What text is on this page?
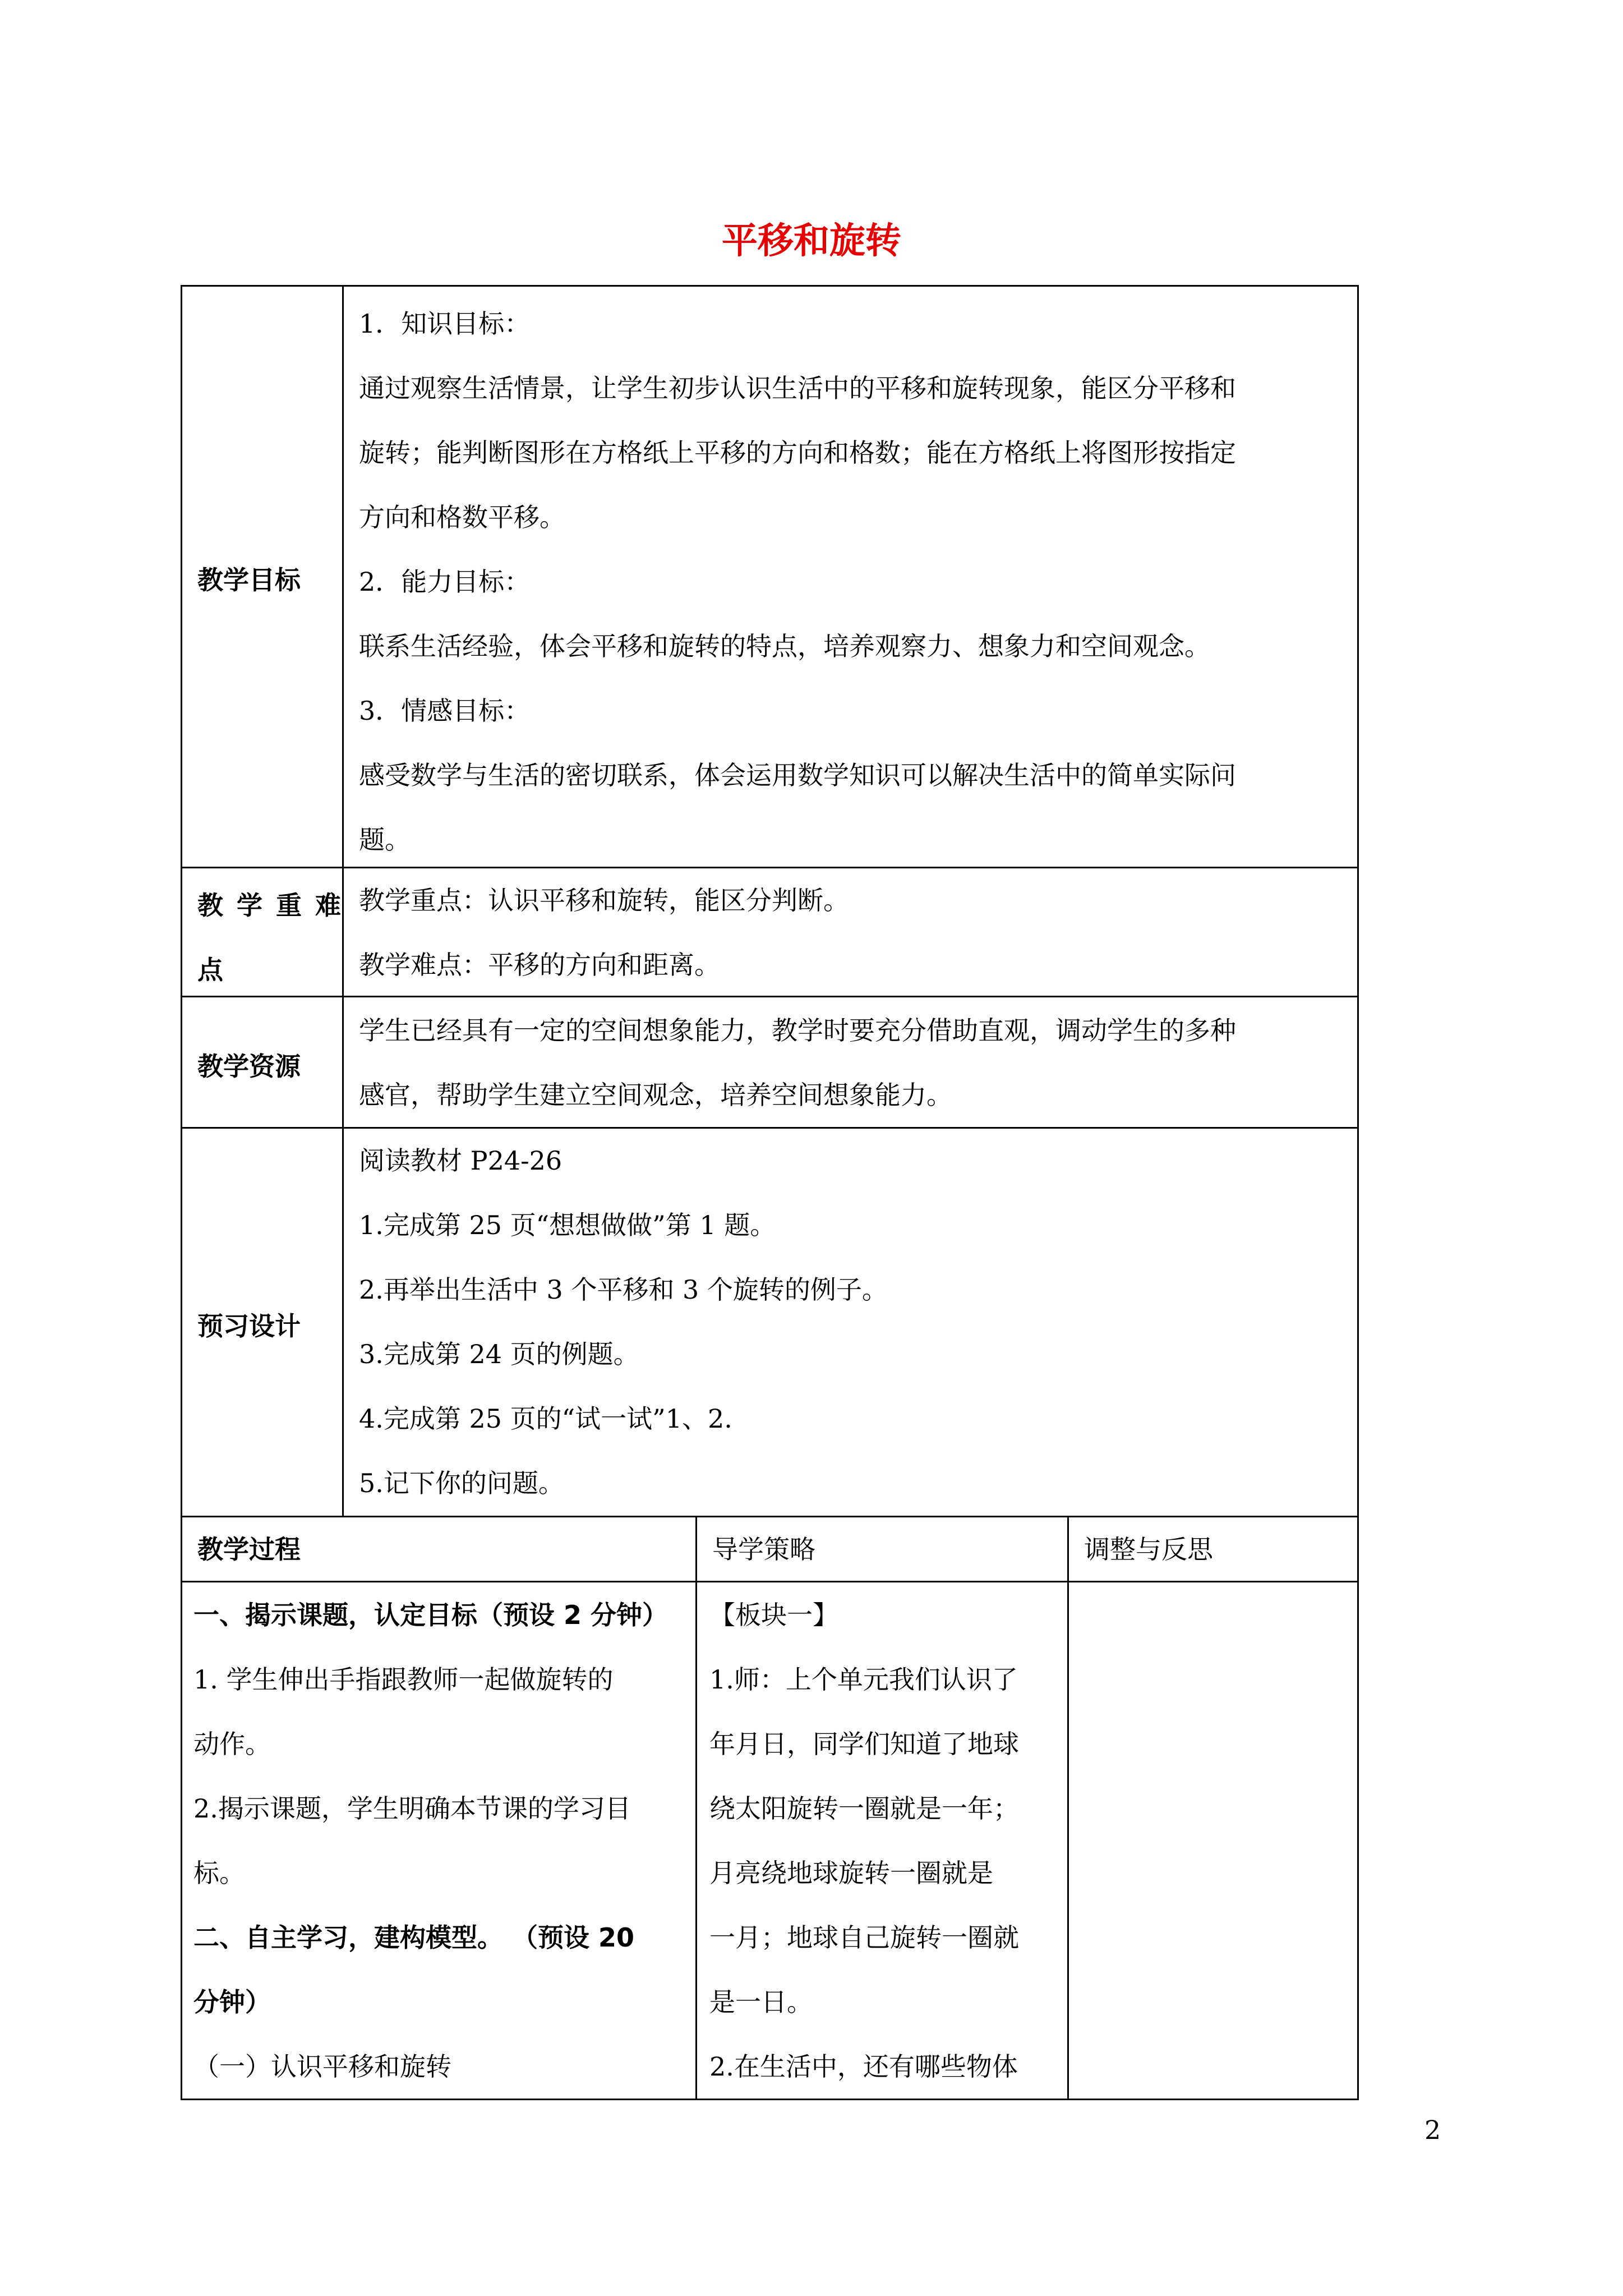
平移和旋转
教学目标
1．知识目标：
通过观察生活情景，让学生初步认识生活中的平移和旋转现象，能区分平移和
旋转；能判断图形在方格纸上平移的方向和格数；能在方格纸上将图形按指定
方向和格数平移。
2．能力目标：
联系生活经验，体会平移和旋转的特点，培养观察力、想象力和空间观念。
3．情感目标：
感受数学与生活的密切联系，体会运用数学知识可以解决生活中的简单实际问
题。
教 学 重 难
点
教学重点：认识平移和旋转，能区分判断。
教学难点：平移的方向和距离。
教学资源
学生已经具有一定的空间想象能力，教学时要充分借助直观，调动学生的多种
感官，帮助学生建立空间观念，培养空间想象能力。
预习设计
阅读教材 P24-26
1.完成第 25 页“想想做做”第 1 题。
2.再举出生活中 3 个平移和 3 个旋转的例子。
3.完成第 24 页的例题。
4.完成第 25 页的“试一试”1、2.
5.记下你的问题。
教学过程	导学策略	调整与反思
一、揭示课题，认定目标（预设 2 分钟）
1. 学生伸出手指跟教师一起做旋转的
动作。
2.揭示课题，学生明确本节课的学习目
标。
二、自主学习，建构模型。 （预设 20
分钟）
（一）认识平移和旋转
【板块一】
1.师：上个单元我们认识了
年月日，同学们知道了地球
绕太阳旋转一圈就是一年；
月亮绕地球旋转一圈就是
一月；地球自己旋转一圈就
是一日。
2.在生活中，还有哪些物体
2
